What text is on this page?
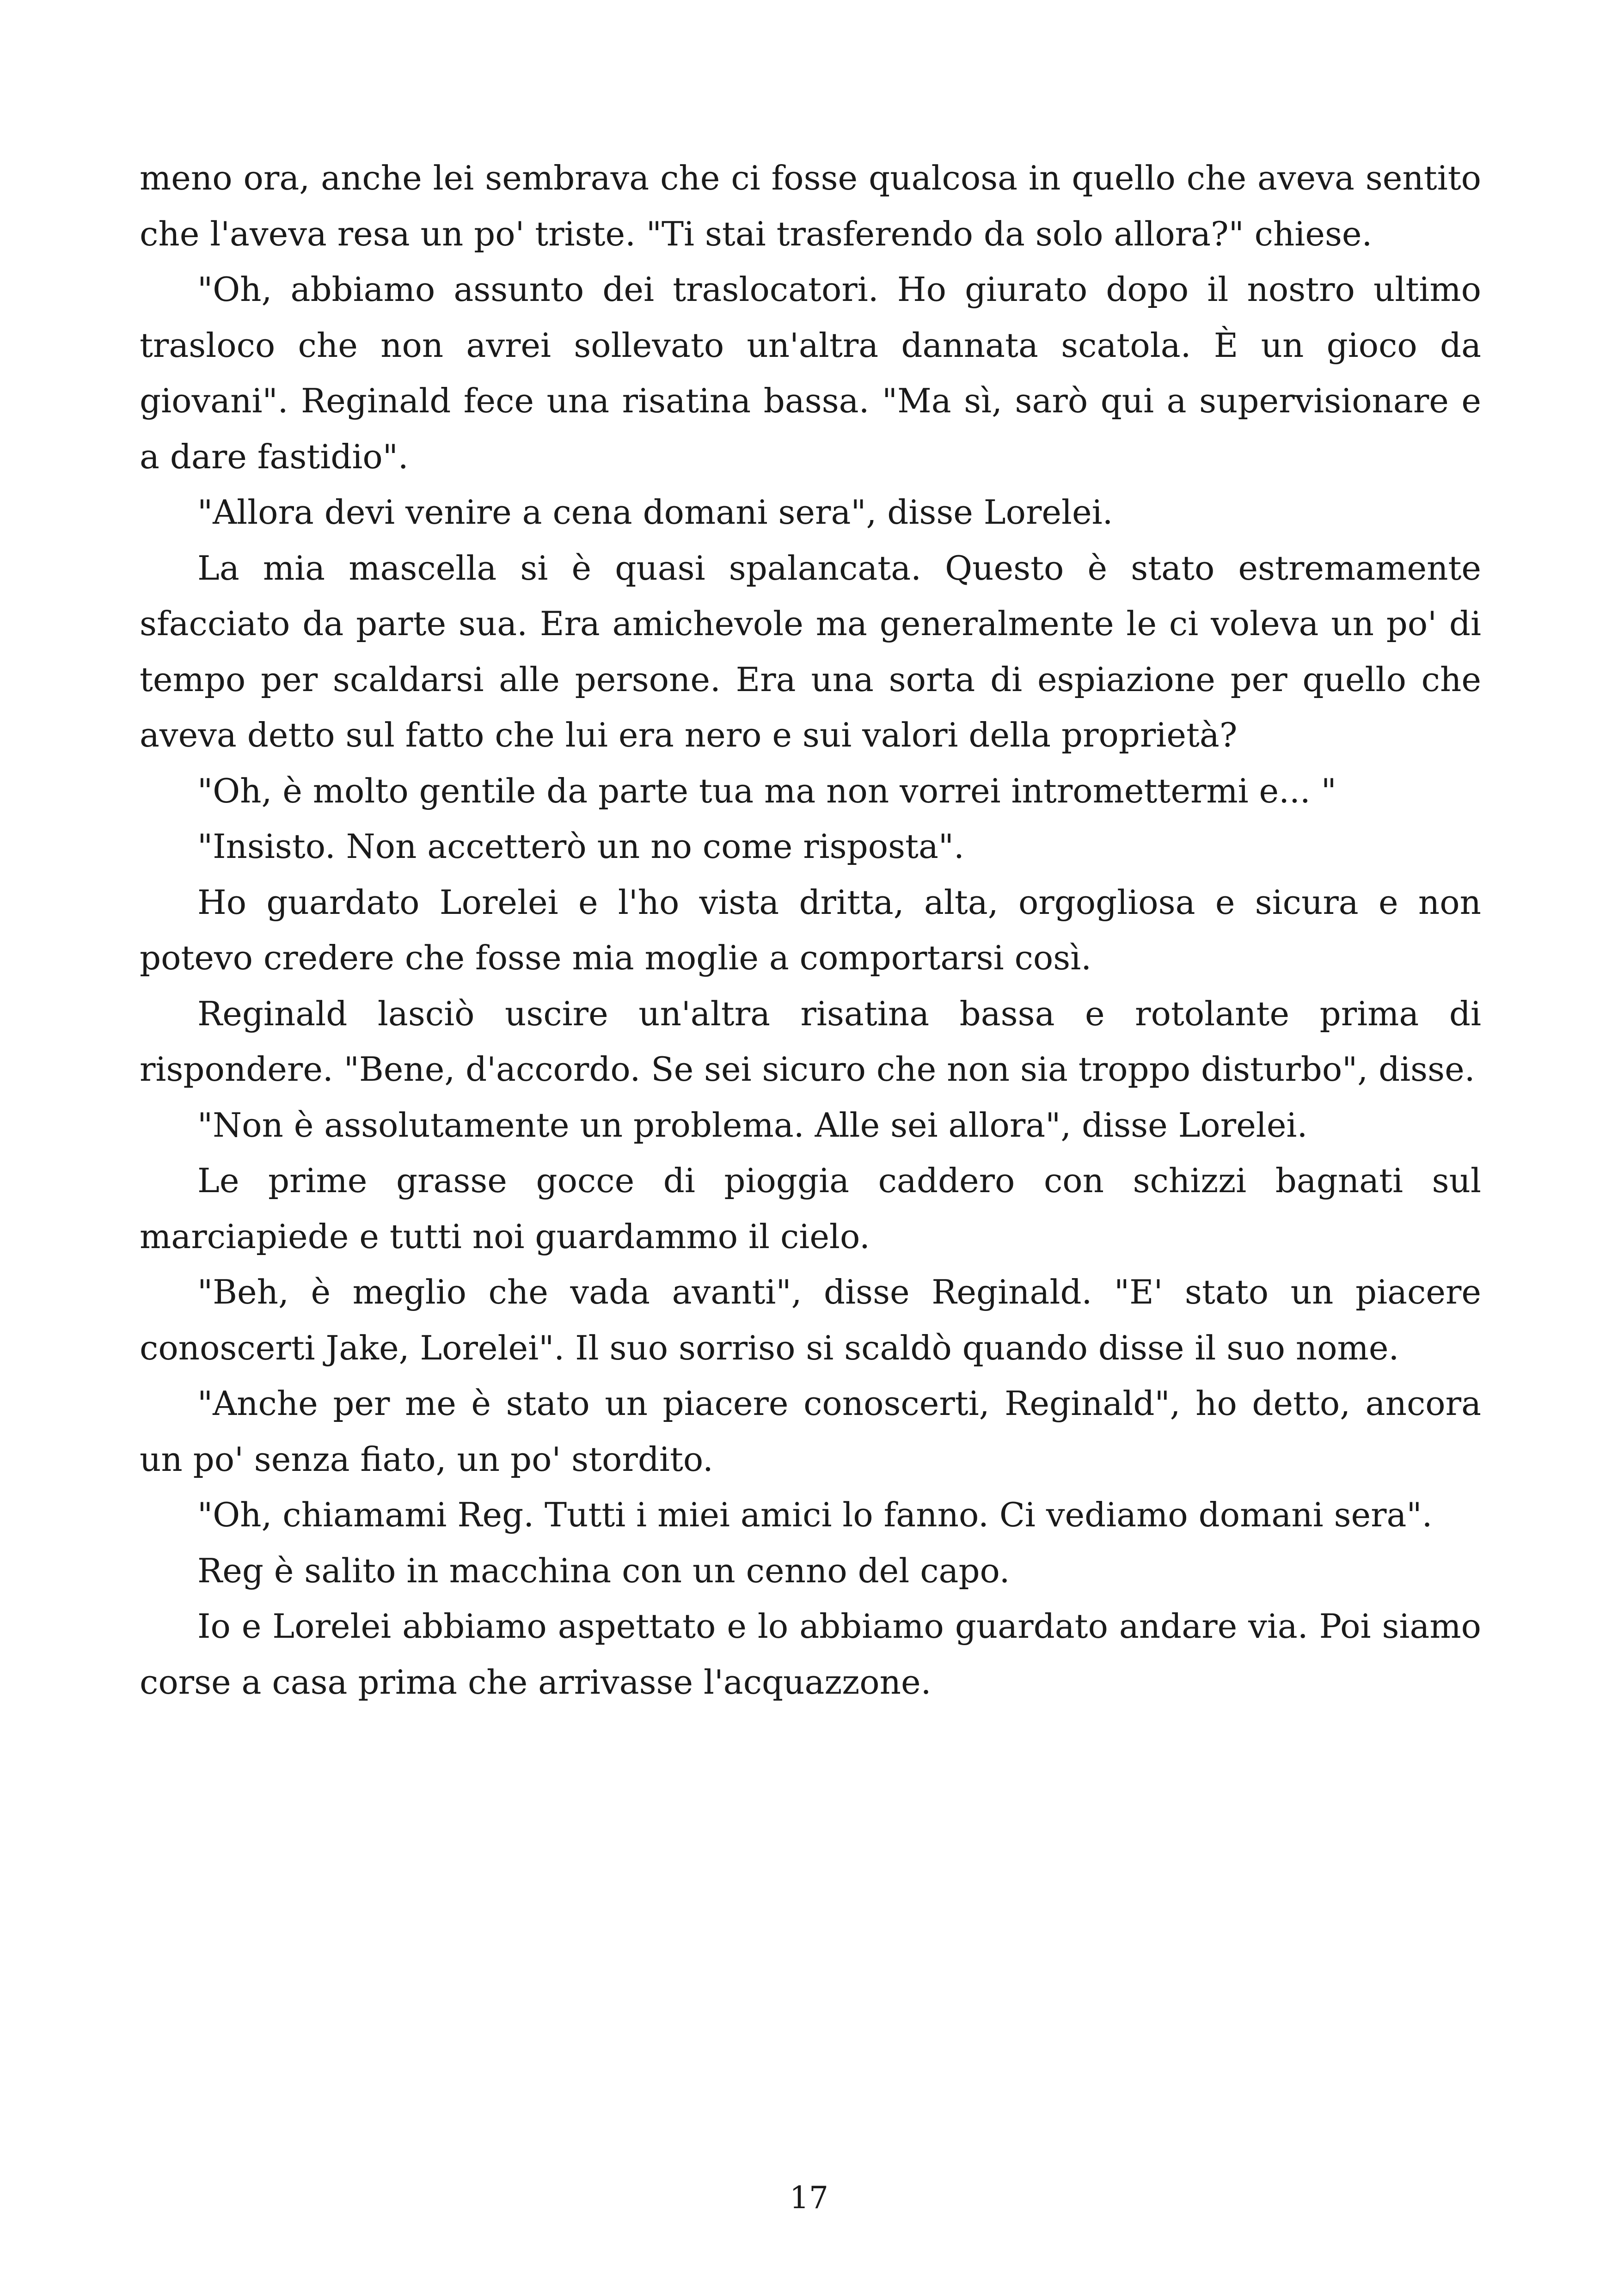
meno ora, anche lei sembrava che ci fosse qualcosa in quello che aveva sentito che l'aveva resa un po' triste. "Ti stai trasferendo da solo allora?" chiese.

"Oh, abbiamo assunto dei traslocatori. Ho giurato dopo il nostro ultimo trasloco che non avrei sollevato un'altra dannata scatola. È un gioco da giovani". Reginald fece una risatina bassa. "Ma sì, sarò qui a supervisionare e a dare fastidio".

"Allora devi venire a cena domani sera", disse Lorelei.

La mia mascella si è quasi spalancata. Questo è stato estremamente sfacciato da parte sua. Era amichevole ma generalmente le ci voleva un po' di tempo per scaldarsi alle persone. Era una sorta di espiazione per quello che aveva detto sul fatto che lui era nero e sui valori della proprietà?

"Oh, è molto gentile da parte tua ma non vorrei intromettermi e... "

"Insisto. Non accetterò un no come risposta".

Ho guardato Lorelei e l'ho vista dritta, alta, orgogliosa e sicura e non potevo credere che fosse mia moglie a comportarsi così.

Reginald lasciò uscire un'altra risatina bassa e rotolante prima di rispondere. "Bene, d'accordo. Se sei sicuro che non sia troppo disturbo", disse.

"Non è assolutamente un problema. Alle sei allora", disse Lorelei.

Le prime grasse gocce di pioggia caddero con schizzi bagnati sul marciapiede e tutti noi guardammo il cielo.

"Beh, è meglio che vada avanti", disse Reginald. "E' stato un piacere conoscerti Jake, Lorelei". Il suo sorriso si scaldò quando disse il suo nome.

"Anche per me è stato un piacere conoscerti, Reginald", ho detto, ancora un po' senza fiato, un po' stordito.

"Oh, chiamami Reg. Tutti i miei amici lo fanno. Ci vediamo domani sera".

Reg è salito in macchina con un cenno del capo.

Io e Lorelei abbiamo aspettato e lo abbiamo guardato andare via. Poi siamo corse a casa prima che arrivasse l'acquazzone.

17
